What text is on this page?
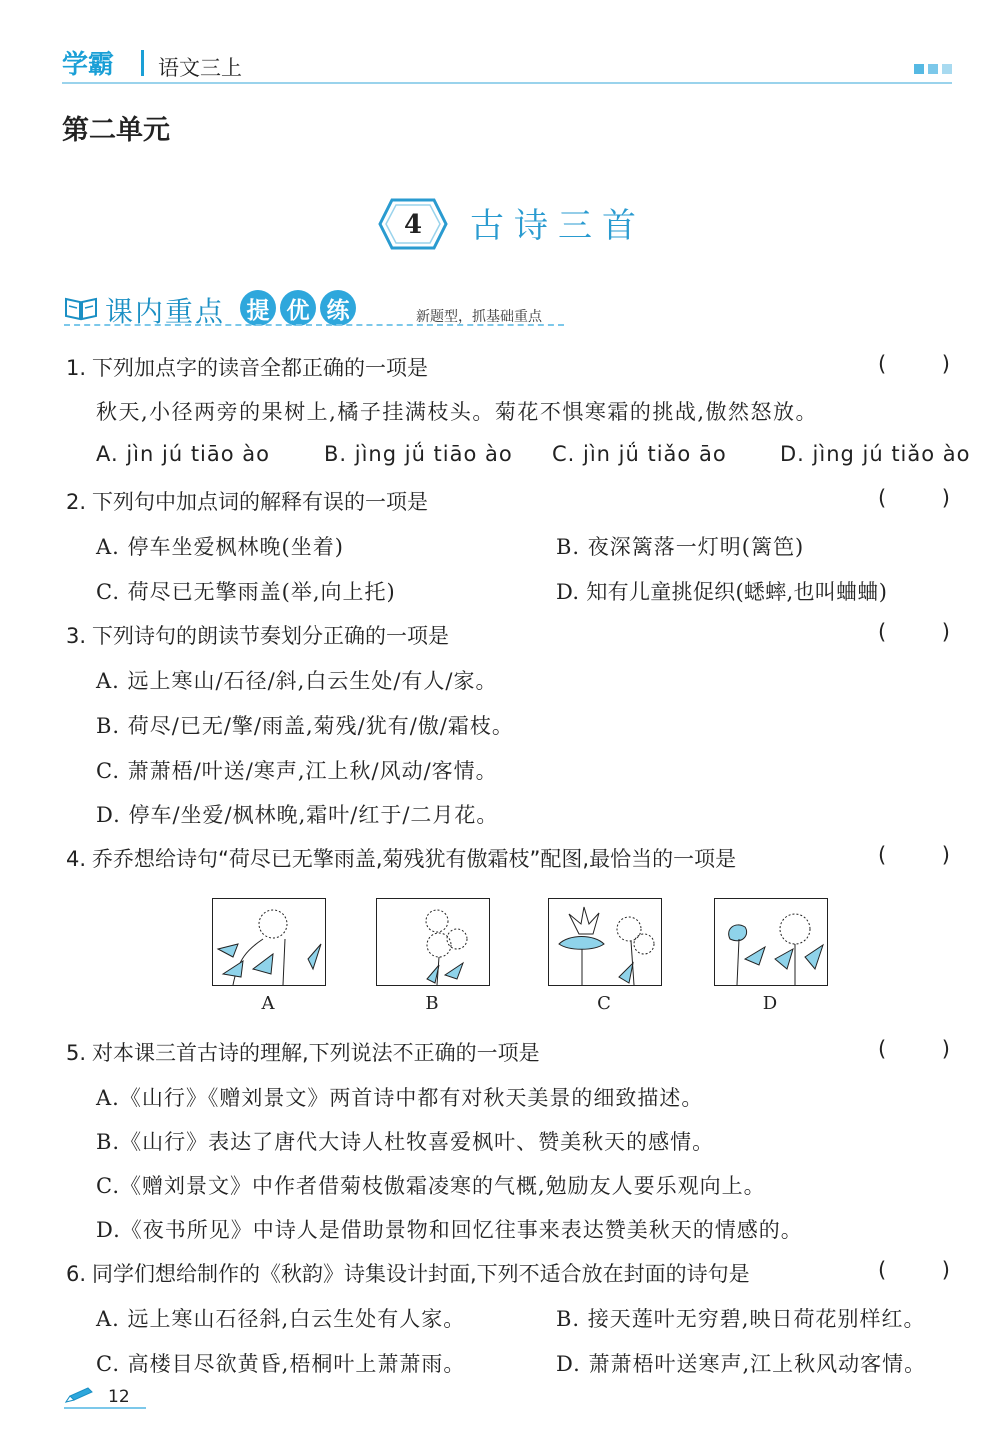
学霸 语文三上
第二单元
4 古诗三首
课内重点 提 优 练	新题型，抓基础重点
1. 下列加点字的读音全都正确的一项是	(	)
秋天,小径两旁的果树上,橘子挂满枝头。菊花不惧寒霜的挑战,傲然怒放。
A. jìn jú tiāo ào	B. jìng jǘ tiāo ào C. jìn jǘ tiǎo āo	D. jìng jú tiǎo ào
2. 下列句中加点词的解释有误的一项是	(	)
A. 停车坐爱枫林晚(坐着)	B. 夜深篱落一灯明(篱笆)
C. 荷尽已无擎雨盖(举,向上托)	D. 知有儿童挑促织(蟋蟀,也叫蛐蛐)
3. 下列诗句的朗读节奏划分正确的一项是	(	)
A. 远上寒山/石径/斜,白云生处/有人/家。
B. 荷尽/已无/擎/雨盖,菊残/犹有/傲/霜枝。
C. 萧萧梧/叶送/寒声,江上秋/风动/客情。
D. 停车/坐爱/枫林晚,霜叶/红于/二月花。
4. 乔乔想给诗句“荷尽已无擎雨盖,菊残犹有傲霜枝”配图,最恰当的一项是	(	)
A	B	C	D
5. 对本课三首古诗的理解,下列说法不正确的一项是	(	)
A.《山行》《赠刘景文》两首诗中都有对秋天美景的细致描述。
B.《山行》表达了唐代大诗人杜牧喜爱枫叶、赞美秋天的感情。
C.《赠刘景文》中作者借菊枝傲霜凌寒的气概,勉励友人要乐观向上。
D.《夜书所见》中诗人是借助景物和回忆往事来表达赞美秋天的情感的。
6. 同学们想给制作的《秋韵》诗集设计封面,下列不适合放在封面的诗句是	(	)
A. 远上寒山石径斜,白云生处有人家。	B. 接天莲叶无穷碧,映日荷花别样红。
C. 高楼目尽欲黄昏,梧桐叶上萧萧雨。	D. 萧萧梧叶送寒声,江上秋风动客情。
12
